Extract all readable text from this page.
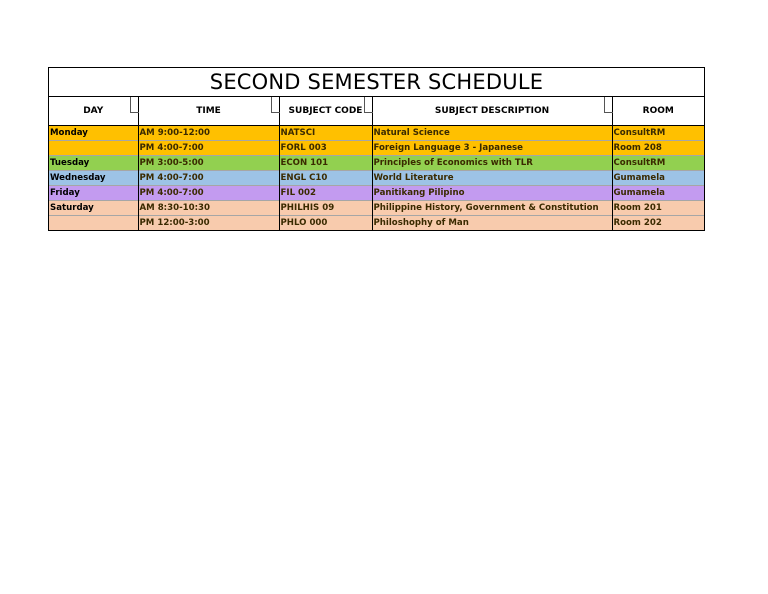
SECOND SEMESTER SCHEDULE
DAY	TIME	SUBJECT CODE	SUBJECT DESCRIPTION	ROOM
Monday	AM 9:00-12:00	NATSCI	Natural Science	ConsultRM
	PM 4:00-7:00	FORL 003	Foreign Language 3 - Japanese	Room 208
Tuesday	PM 3:00-5:00	ECON 101	Principles of Economics with TLR	ConsultRM
Wednesday	PM 4:00-7:00	ENGL C10	World Literature	Gumamela
Friday	PM 4:00-7:00	FIL 002	Panitikang Pilipino	Gumamela
Saturday	AM 8:30-10:30	PHILHIS 09	Philippine History, Government & Constitution	Room 201
	PM 12:00-3:00	PHLO 000	Philoshophy of Man	Room 202
